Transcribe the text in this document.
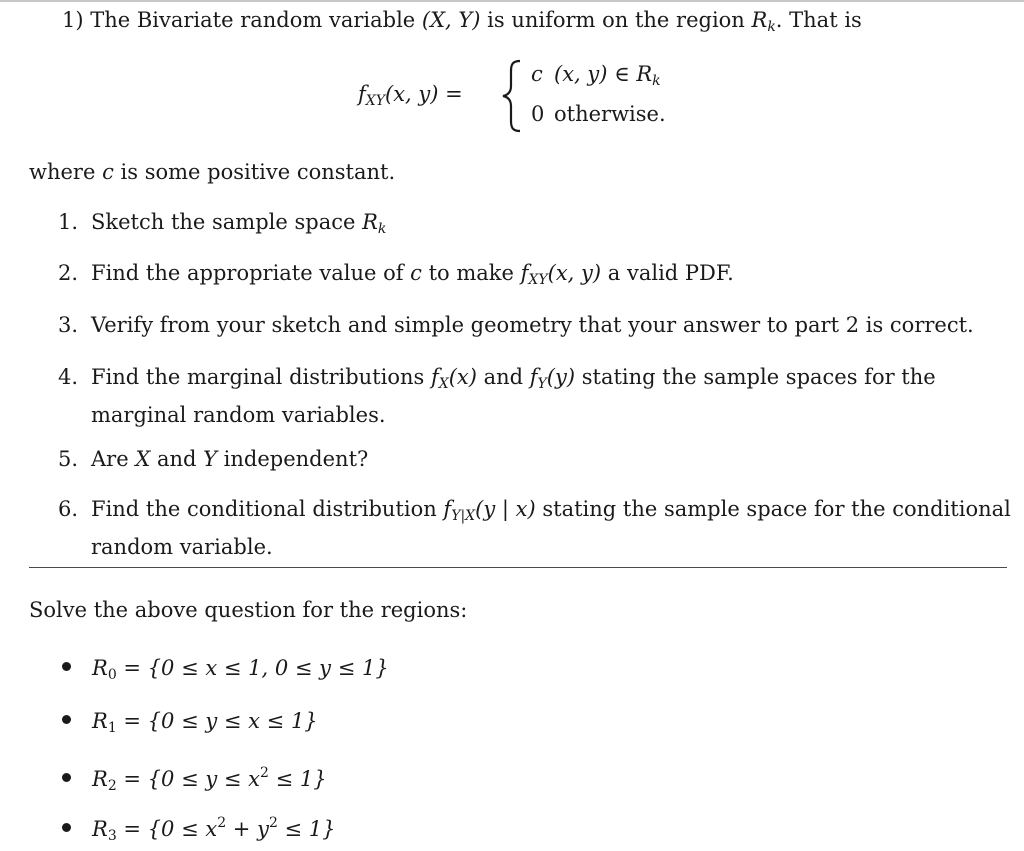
1) The Bivariate random variable (X, Y) is uniform on the region $R_k$. That is
$f_{XY}(x$, y) =
c (x, y) ∈ $R_k$
0 otherwise.
where c is some positive constant.
1. Sketch the sample space $R_k$
2. Find the appropriate value of c to make $f_{XY}(x$, y) a valid PDF.
3. Verify from your sketch and simple geometry that your answer to part 2 is correct.
4. Find the marginal distributions $f_X(x)$ and $f_Y(y)$ stating the sample spaces for the marginal random variables.
5. Are X and Y independent?
6. Find the conditional distribution $f_{Y|X}(y$ | x) stating the sample space for the conditional random variable.
Solve the above question for the regions:
$R_0 = \{0 \le x \le 1$, 0 ≤ y ≤ 1}
$R_1 = \{0 \le y \le x \le 1\}$
$R_2 = \{0 \le y \le x^2 \le 1\}$
$R_3 = \{0 \le x^2 + y^2 \le 1\}$
